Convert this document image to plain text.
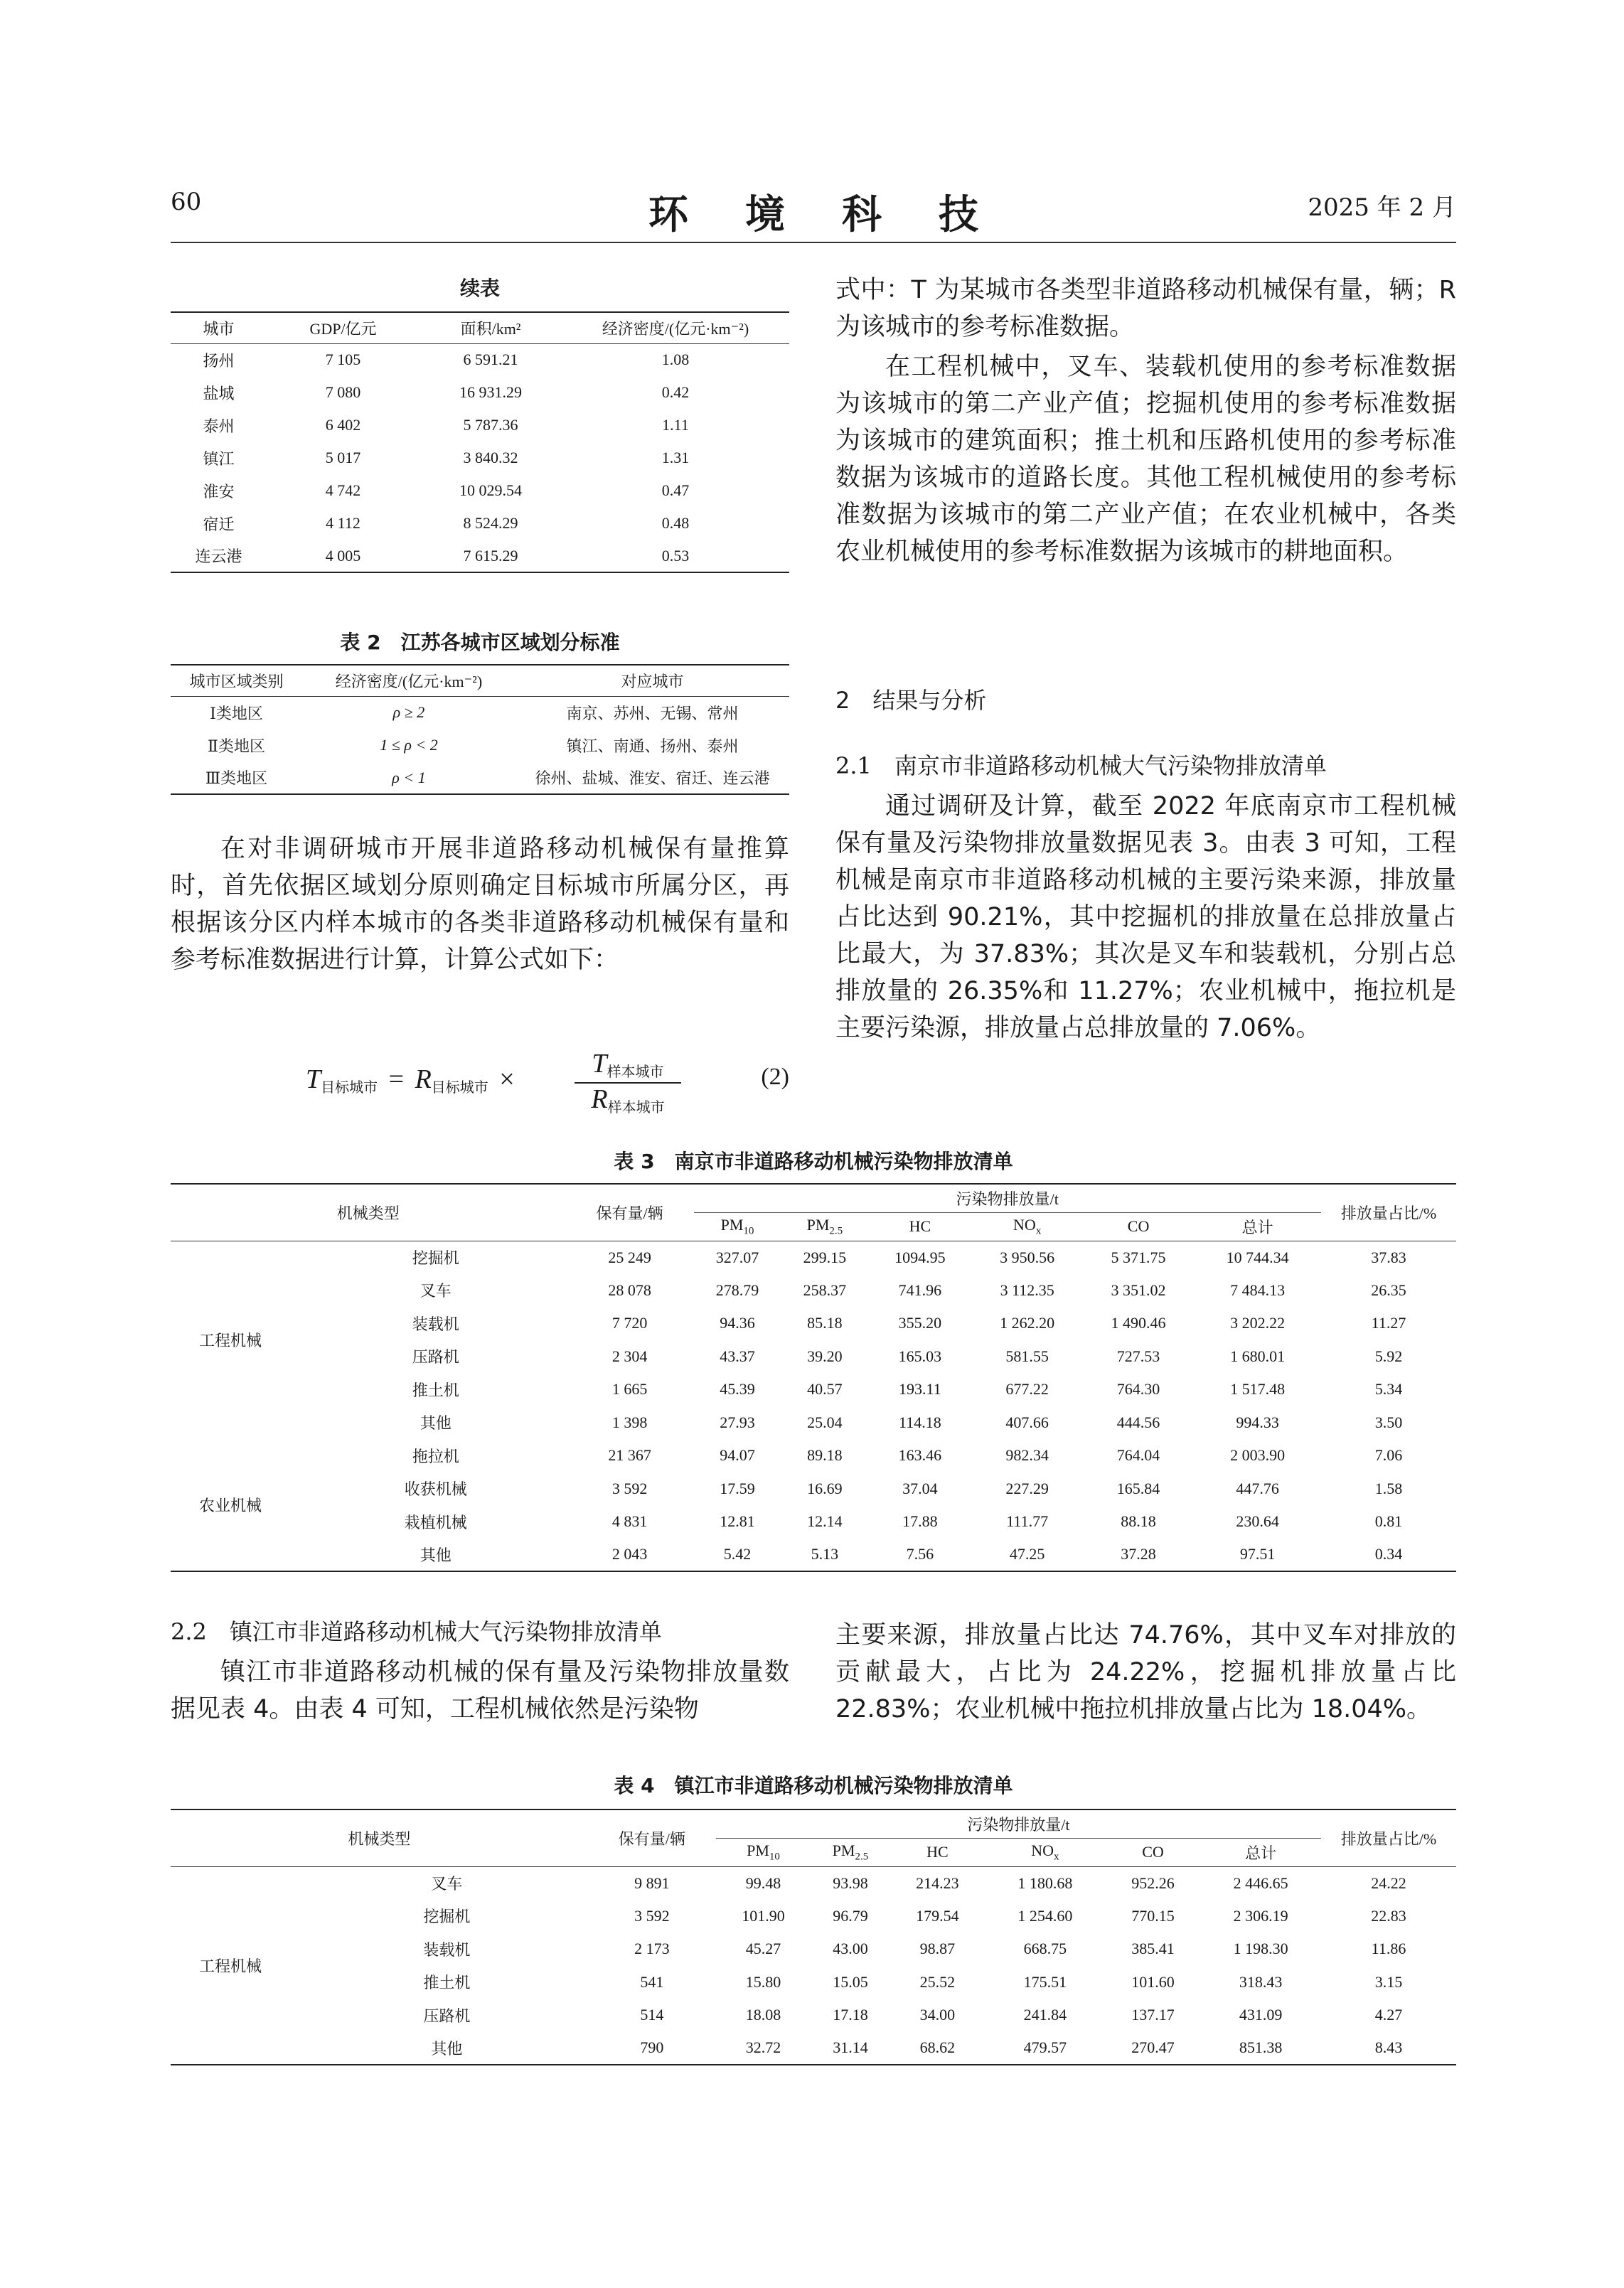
60	环境科技	2025 年 2 月
续表
城市	GDP/亿元	面积/km²	经济密度/(亿元·km⁻²)
扬州	7 105	6 591.21	1.08
盐城	7 080	16 931.29	0.42
泰州	6 402	5 787.36	1.11
镇江	5 017	3 840.32	1.31
淮安	4 742	10 029.54	0.47
宿迁	4 112	8 524.29	0.48
连云港	4 005	7 615.29	0.53
表 2　江苏各城市区域划分标准
城市区域类别	经济密度/(亿元·km⁻²)	对应城市
Ⅰ类地区	ρ ≥ 2	南京、苏州、无锡、常州
Ⅱ类地区	1 ≤ ρ < 2	镇江、南通、扬州、泰州
Ⅲ类地区	ρ < 1	徐州、盐城、淮安、宿迁、连云港
在对非调研城市开展非道路移动机械保有量推算时，首先依据区域划分原则确定目标城市所属分区，再根据该分区内样本城市的各类非道路移动机械保有量和参考标准数据进行计算，计算公式如下：
T目标城市 = R目标城市 ×
T样本城市
R样本城市
(2)
式中：T 为某城市各类型非道路移动机械保有量，辆；R 为该城市的参考标准数据。
在工程机械中，叉车、装载机使用的参考标准数据为该城市的第二产业产值；挖掘机使用的参考标准数据为该城市的建筑面积；推土机和压路机使用的参考标准数据为该城市的道路长度。其他工程机械使用的参考标准数据为该城市的第二产业产值；在农业机械中，各类农业机械使用的参考标准数据为该城市的耕地面积。
2　结果与分析
2.1　南京市非道路移动机械大气污染物排放清单
通过调研及计算，截至 2022 年底南京市工程机械保有量及污染物排放量数据见表 3。由表 3 可知，工程机械是南京市非道路移动机械的主要污染来源，排放量占比达到 90.21%，其中挖掘机的排放量在总排放量占比最大，为 37.83%；其次是叉车和装载机，分别占总排放量的 26.35%和 11.27%；农业机械中，拖拉机是主要污染源，排放量占总排放量的 7.06%。
表 3　南京市非道路移动机械污染物排放清单
机械类型		保有量/辆	污染物排放量/t						排放量占比/%
			$PM_{10}$	$PM_{2.5}$	HC	$NO_x$	CO	总计	
工程机械	挖掘机	25 249	327.07	299.15	1094.95	3 950.56	5 371.75	10 744.34	37.83
	叉车	28 078	278.79	258.37	741.96	3 112.35	3 351.02	7 484.13	26.35
	装载机	7 720	94.36	85.18	355.20	1 262.20	1 490.46	3 202.22	11.27
	压路机	2 304	43.37	39.20	165.03	581.55	727.53	1 680.01	5.92
	推土机	1 665	45.39	40.57	193.11	677.22	764.30	1 517.48	5.34
	其他	1 398	27.93	25.04	114.18	407.66	444.56	994.33	3.50
农业机械	拖拉机	21 367	94.07	89.18	163.46	982.34	764.04	2 003.90	7.06
	收获机械	3 592	17.59	16.69	37.04	227.29	165.84	447.76	1.58
	栽植机械	4 831	12.81	12.14	17.88	111.77	88.18	230.64	0.81
	其他	2 043	5.42	5.13	7.56	47.25	37.28	97.51	0.34
2.2　镇江市非道路移动机械大气污染物排放清单
镇江市非道路移动机械的保有量及污染物排放量数据见表 4。由表 4 可知，工程机械依然是污染物
主要来源，排放量占比达 74.76%，其中叉车对排放的贡献最大，占比为 24.22%，挖掘机排放量占比 22.83%；农业机械中拖拉机排放量占比为 18.04%。
表 4　镇江市非道路移动机械污染物排放清单
机械类型		保有量/辆	污染物排放量/t						排放量占比/%
			$PM_{10}$	$PM_{2.5}$	HC	$NO_x$	CO	总计	
工程机械	叉车	9 891	99.48	93.98	214.23	1 180.68	952.26	2 446.65	24.22
	挖掘机	3 592	101.90	96.79	179.54	1 254.60	770.15	2 306.19	22.83
	装载机	2 173	45.27	43.00	98.87	668.75	385.41	1 198.30	11.86
	推土机	541	15.80	15.05	25.52	175.51	101.60	318.43	3.15
	压路机	514	18.08	17.18	34.00	241.84	137.17	431.09	4.27
	其他	790	32.72	31.14	68.62	479.57	270.47	851.38	8.43
